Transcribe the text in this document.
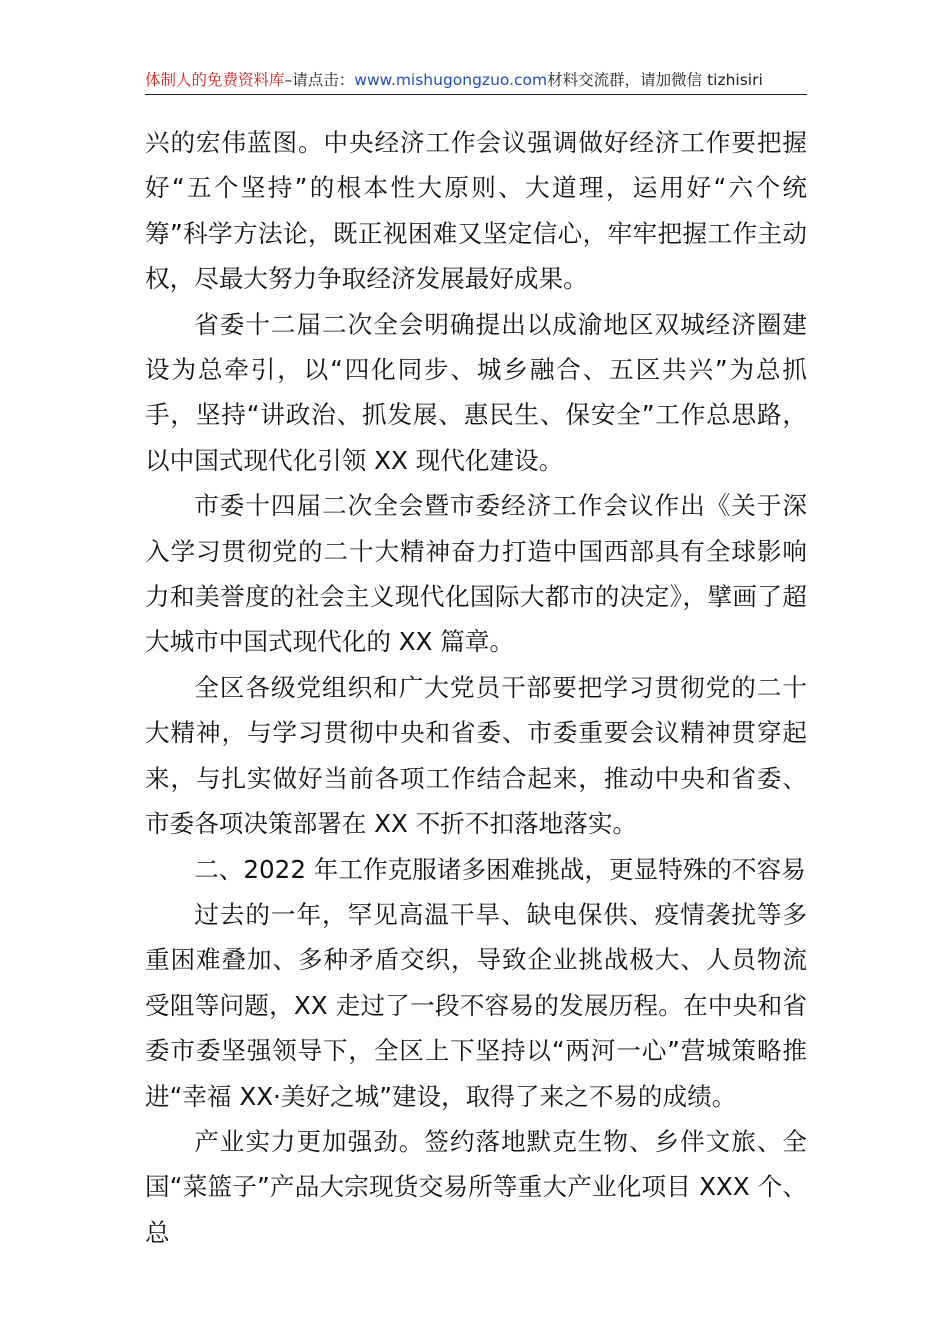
体制人的免费资料库–请点击：www.mishugongzuo.com材料交流群，请加微信 tizhisiri

兴的宏伟蓝图。中央经济工作会议强调做好经济工作要把握好“五个坚持”的根本性大原则、大道理，运用好“六个统筹”科学方法论，既正视困难又坚定信心，牢牢把握工作主动权，尽最大努力争取经济发展最好成果。

省委十二届二次全会明确提出以成渝地区双城经济圈建设为总牵引，以“四化同步、城乡融合、五区共兴”为总抓手，坚持“讲政治、抓发展、惠民生、保安全”工作总思路，以中国式现代化引领 XX 现代化建设。

市委十四届二次全会暨市委经济工作会议作出《关于深入学习贯彻党的二十大精神奋力打造中国西部具有全球影响力和美誉度的社会主义现代化国际大都市的决定》，擘画了超大城市中国式现代化的 XX 篇章。

全区各级党组织和广大党员干部要把学习贯彻党的二十大精神，与学习贯彻中央和省委、市委重要会议精神贯穿起来，与扎实做好当前各项工作结合起来，推动中央和省委、市委各项决策部署在 XX 不折不扣落地落实。

二、2022 年工作克服诸多困难挑战，更显特殊的不容易

过去的一年，罕见高温干旱、缺电保供、疫情袭扰等多重困难叠加、多种矛盾交织，导致企业挑战极大、人员物流受阻等问题，XX 走过了一段不容易的发展历程。在中央和省委市委坚强领导下，全区上下坚持以“两河一心”营城策略推进“幸福 XX·美好之城”建设，取得了来之不易的成绩。

产业实力更加强劲。签约落地默克生物、乡伴文旅、全国“菜篮子”产品大宗现货交易所等重大产业化项目 XXX 个、总
